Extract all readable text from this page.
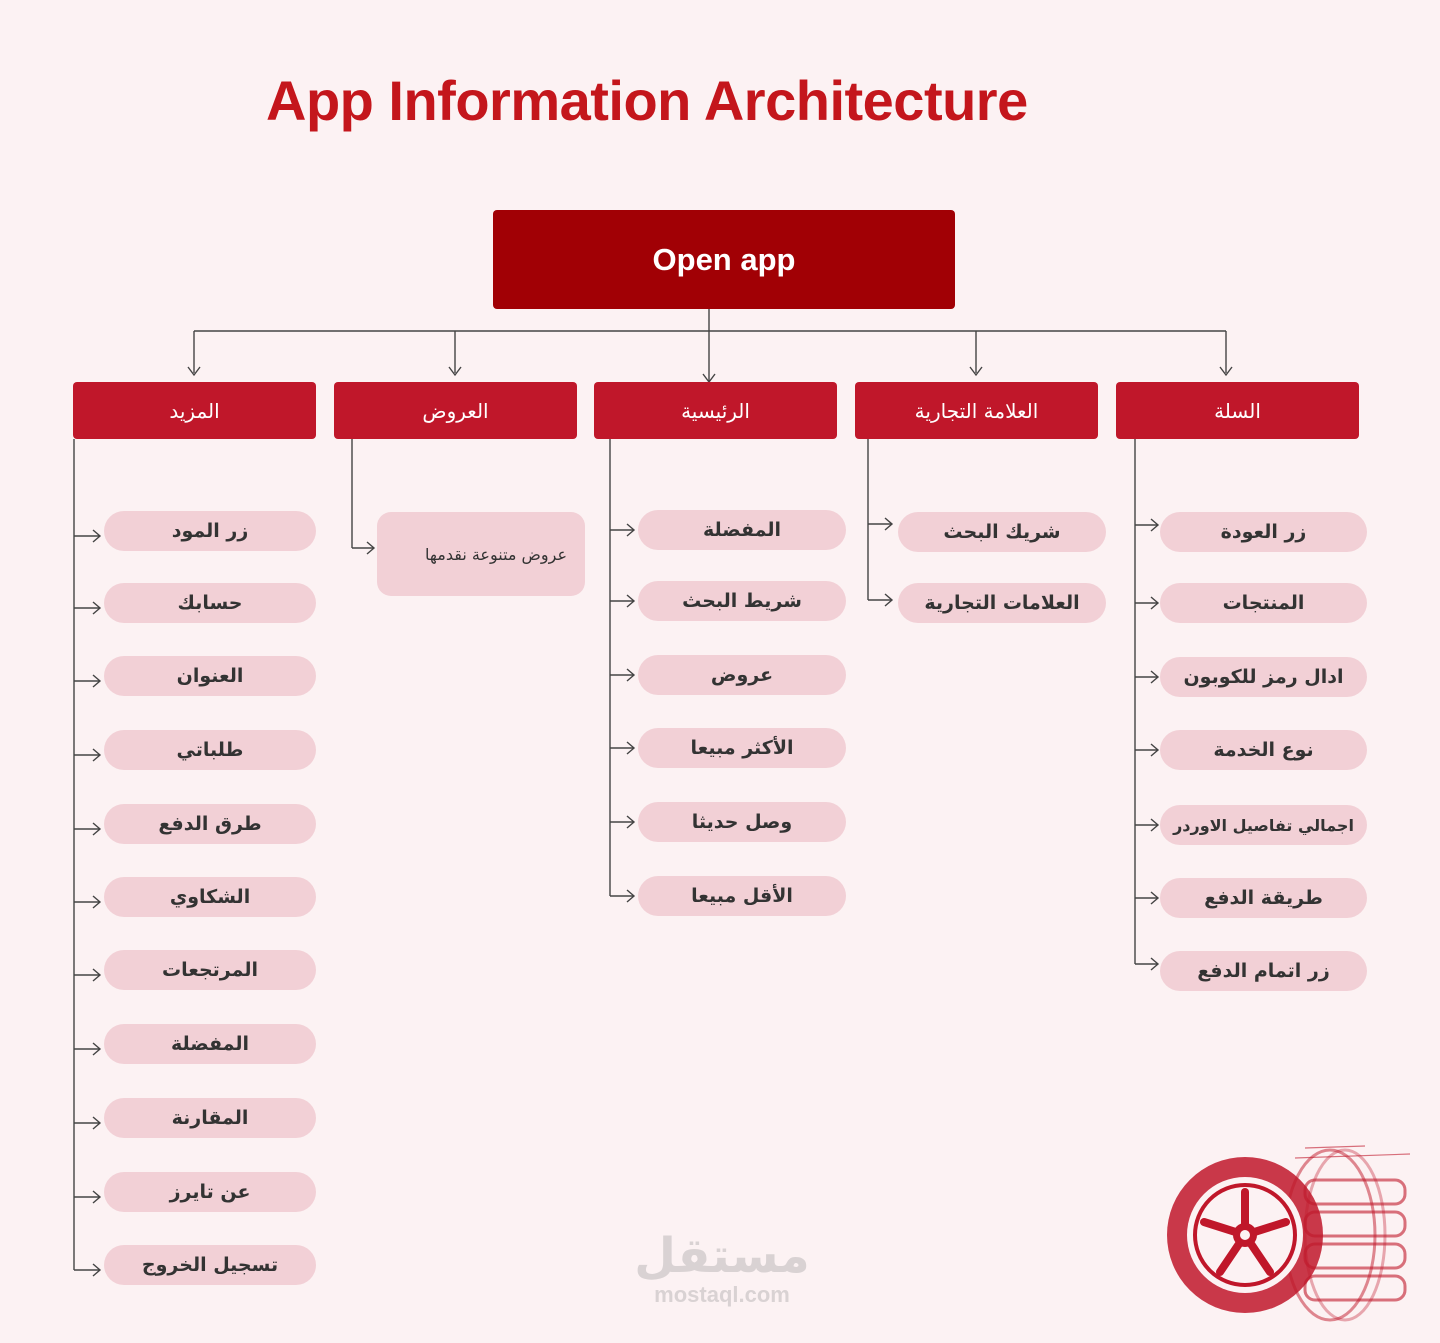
App Information Architecture
Open app
المزيد	العروض	الرئيسية	العلامة التجارية	السلة
زر المود
حسابك
العنوان
طلباتي
طرق الدفع
الشكاوي
المرتجعات
المفضلة
المقارنة
عن تايرز
تسجيل الخروج
عروض متنوعة نقدمها
المفضلة
شريط البحث
عروض
الأكثر مبيعا
وصل حديثا
الأقل مبيعا
شريك البحث
العلامات التجارية
زر العودة
المنتجات
ادال رمز للكوبون
نوع الخدمة
اجمالي تفاصيل الاوردر
طريقة الدفع
زر اتمام الدفع
مستقل
mostaql.com
